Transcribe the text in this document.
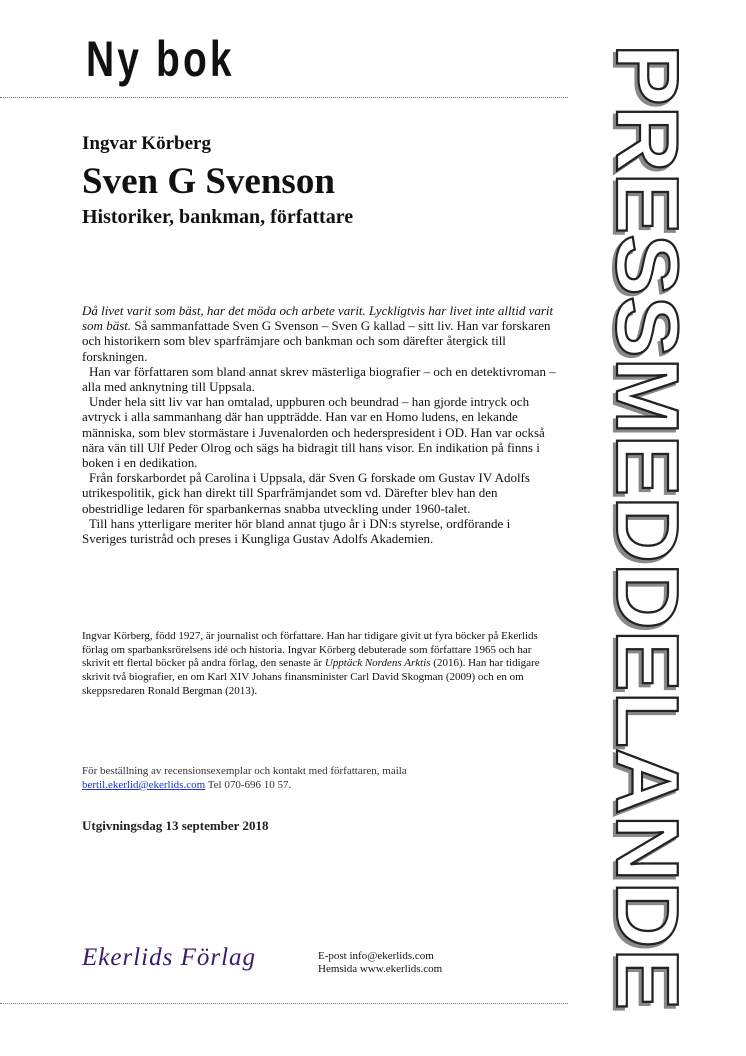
Ny bok
Ingvar Körberg
Sven G Svenson
Historiker, bankman, författare

Då livet varit som bäst, har det möda och arbete varit. Lyckligtvis har livet inte alltid varit som bäst. Så sammanfattade Sven G Svenson – Sven G kallad – sitt liv. Han var forskaren och historikern som blev sparfrämjare och bankman och som därefter återgick till forskningen.

Han var författaren som bland annat skrev mästerliga biografier – och en detektivroman – alla med anknytning till Uppsala.

Under hela sitt liv var han omtalad, uppburen och beundrad – han gjorde intryck och avtryck i alla sammanhang där han uppträdde. Han var en Homo ludens, en lekande människa, som blev stormästare i Juvenalorden och hederspresident i OD. Han var också nära vän till Ulf Peder Olrog och sägs ha bidragit till hans visor. En indikation på finns i boken i en dedikation.

Från forskarbordet på Carolina i Uppsala, där Sven G forskade om Gustav IV Adolfs utrikespolitik, gick han direkt till Sparfrämjandet som vd. Därefter blev han den obestridlige ledaren för sparbankernas snabba utveckling under 1960-talet.

Till hans ytterligare meriter hör bland annat tjugo år i DN:s styrelse, ordförande i Sveriges turistråd och preses i Kungliga Gustav Adolfs Akademien.

Ingvar Körberg, född 1927, är journalist och författare. Han har tidigare givit ut fyra böcker på Ekerlids förlag om sparbanksrörelsens idé och historia. Ingvar Körberg debuterade som författare 1965 och har skrivit ett flertal böcker på andra förlag, den senaste är Upptäck Nordens Arktis (2016). Han har tidigare skrivit två biografier, en om Karl XIV Johans finansminister Carl David Skogman (2009) och en om skeppsredaren Ronald Bergman (2013).
För beställning av recensionsexemplar och kontakt med författaren, maila
bertil.ekerlid@ekerlids.com Tel 070-696 10 57.
Utgivningsdag 13 september 2018
Ekerlids Förlag	E-post info@ekerlids.com
Hemsida www.ekerlids.com
PRESSMEDDELANDE
